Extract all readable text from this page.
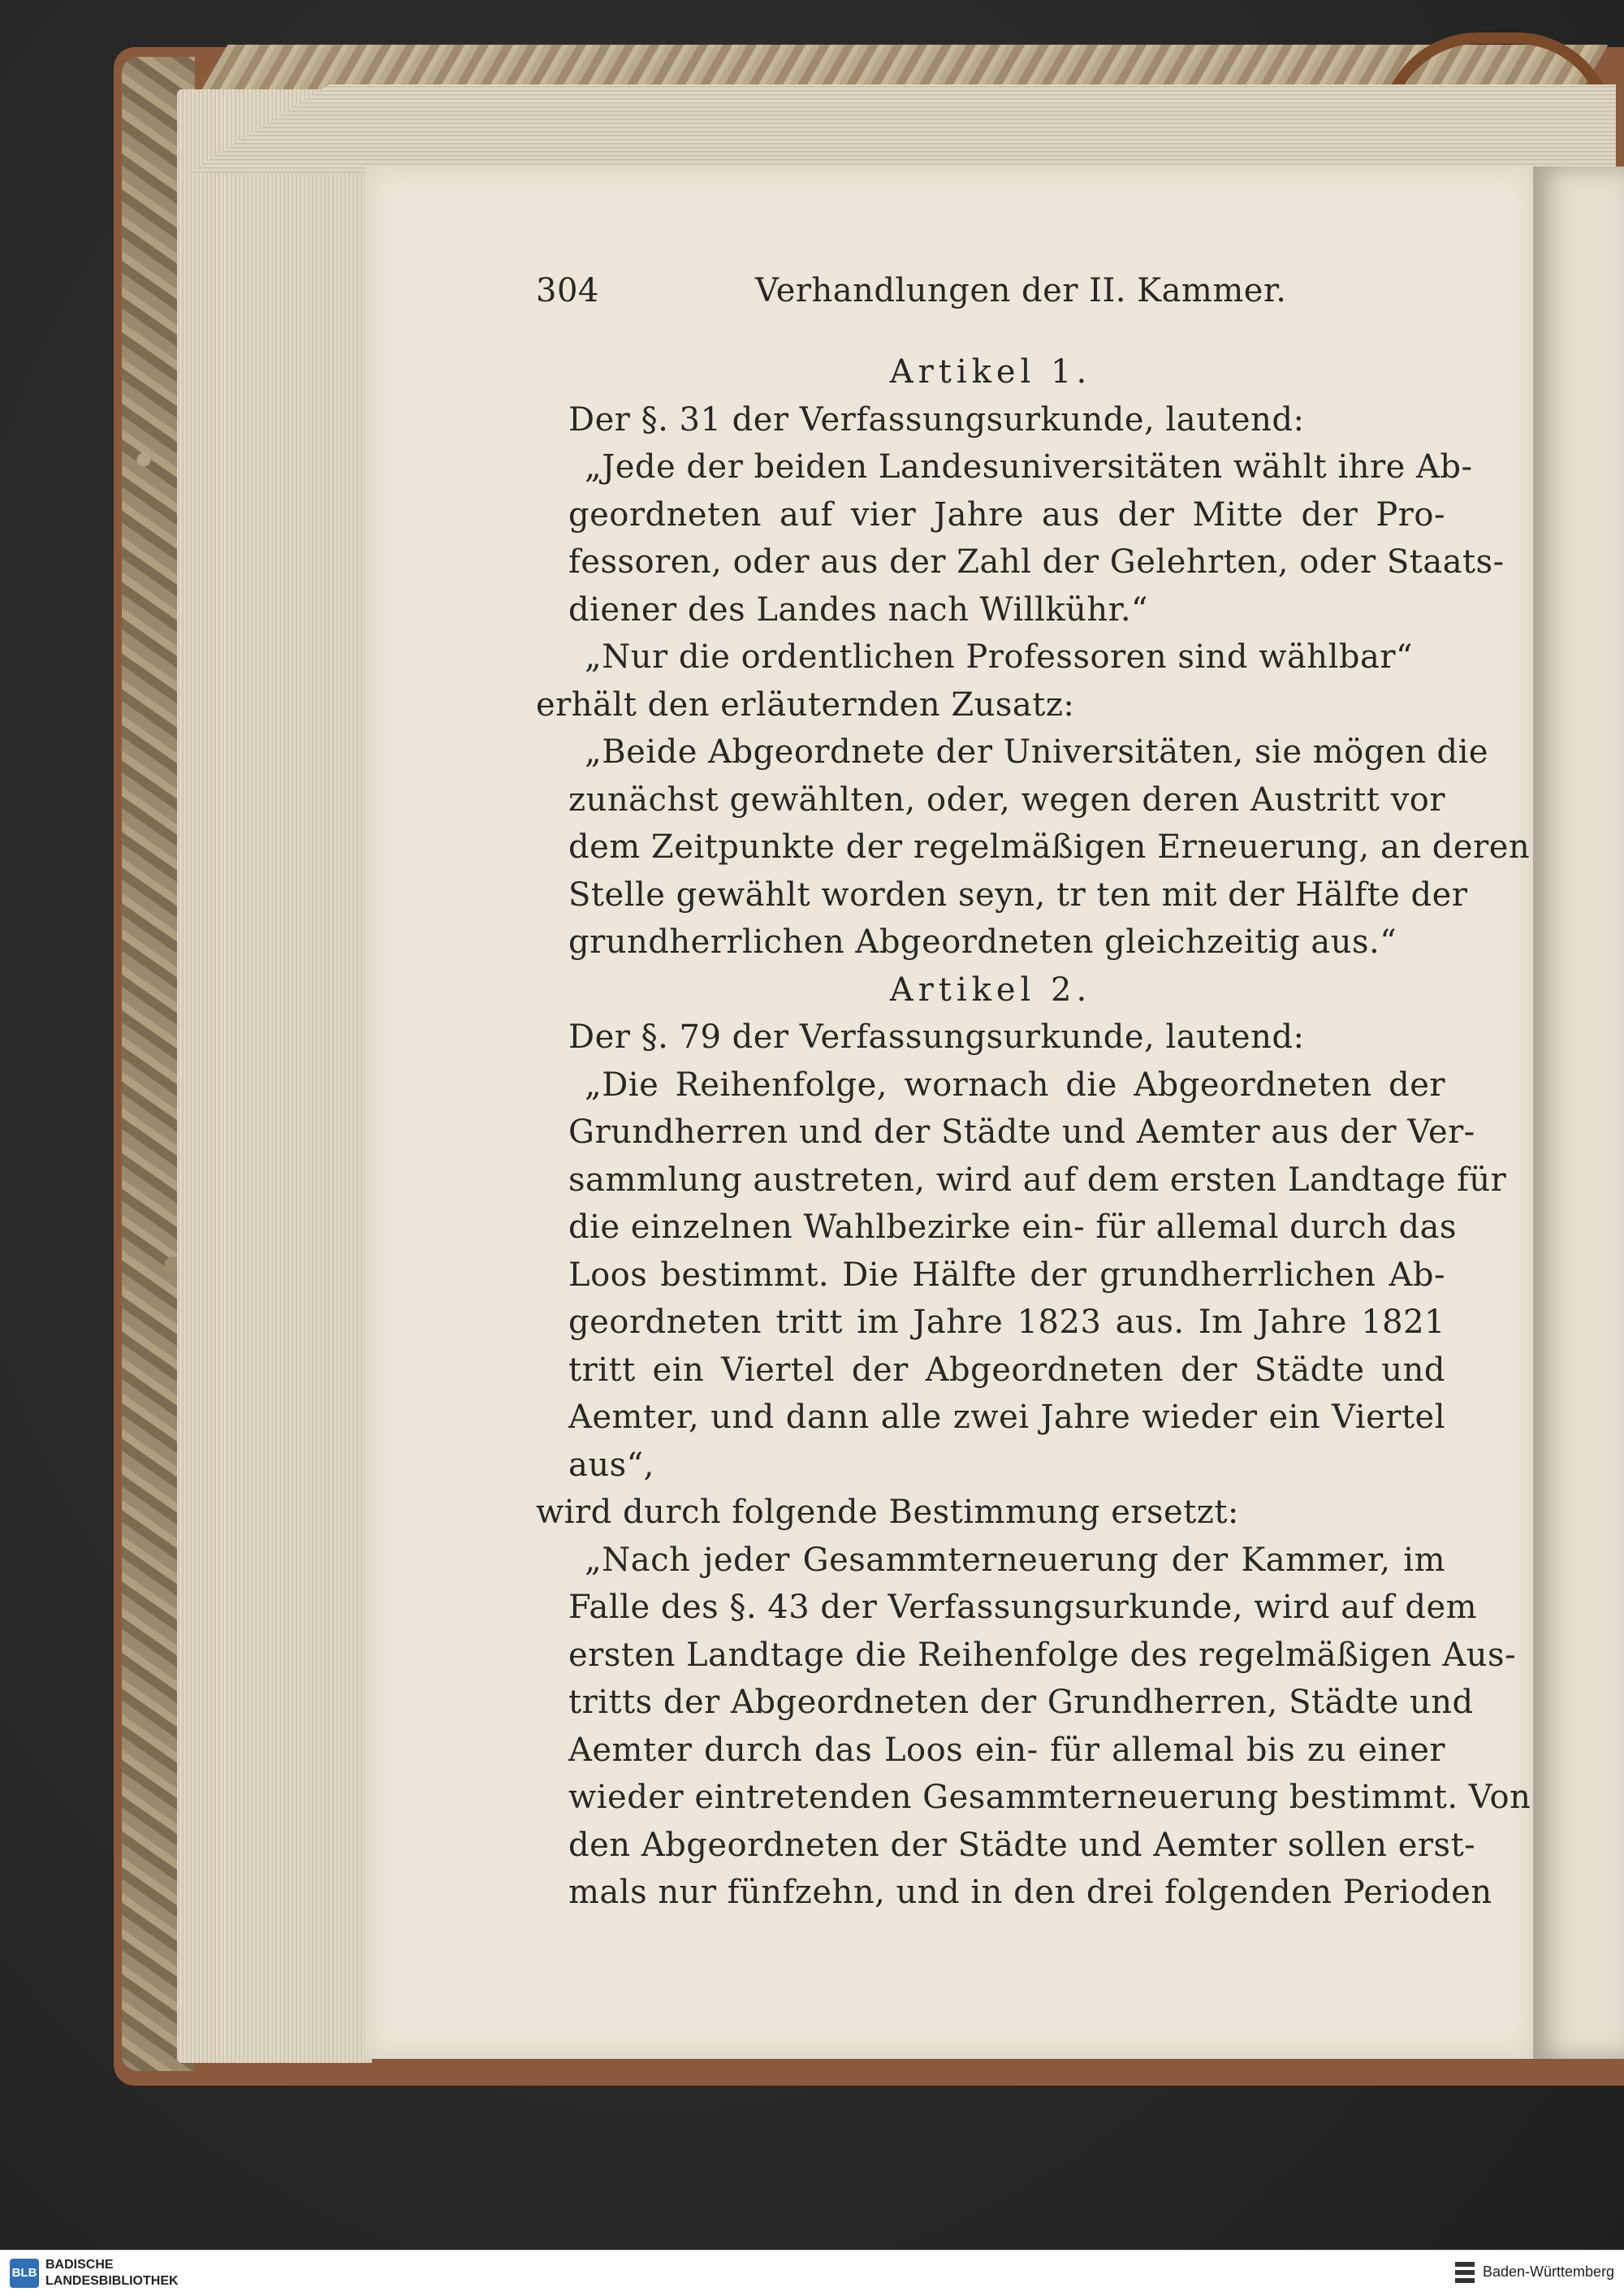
304	Verhandlungen der II. Kammer.
Artikel 1.
Der §. 31 der Verfassungsurkunde, lautend:
„Jede der beiden Landesuniversitäten wählt ihre Ab-
geordneten auf vier Jahre aus der Mitte der Pro-
fessoren, oder aus der Zahl der Gelehrten, oder Staats-
diener des Landes nach Willkühr.“
„Nur die ordentlichen Professoren sind wählbar“
erhält den erläuternden Zusatz:
„Beide Abgeordnete der Universitäten, sie mögen die
zunächst gewählten, oder, wegen deren Austritt vor
dem Zeitpunkte der regelmäßigen Erneuerung, an deren
Stelle gewählt worden seyn, tr ten mit der Hälfte der
grundherrlichen Abgeordneten gleichzeitig aus.“
Artikel 2.
Der §. 79 der Verfassungsurkunde, lautend:
„Die Reihenfolge, wornach die Abgeordneten der
Grundherren und der Städte und Aemter aus der Ver-
sammlung austreten, wird auf dem ersten Landtage für
die einzelnen Wahlbezirke ein- für allemal durch das
Loos bestimmt. Die Hälfte der grundherrlichen Ab-
geordneten tritt im Jahre 1823 aus. Im Jahre 1821
tritt ein Viertel der Abgeordneten der Städte und
Aemter, und dann alle zwei Jahre wieder ein Viertel
aus“,
wird durch folgende Bestimmung ersetzt:
„Nach jeder Gesammterneuerung der Kammer, im
Falle des §. 43 der Verfassungsurkunde, wird auf dem
ersten Landtage die Reihenfolge des regelmäßigen Aus-
tritts der Abgeordneten der Grundherren, Städte und
Aemter durch das Loos ein- für allemal bis zu einer
wieder eintretenden Gesammterneuerung bestimmt. Von
den Abgeordneten der Städte und Aemter sollen erst-
mals nur fünfzehn, und in den drei folgenden Perioden
BLB
BADISCHE
LANDESBIBLIOTHEK
Baden-Württemberg
